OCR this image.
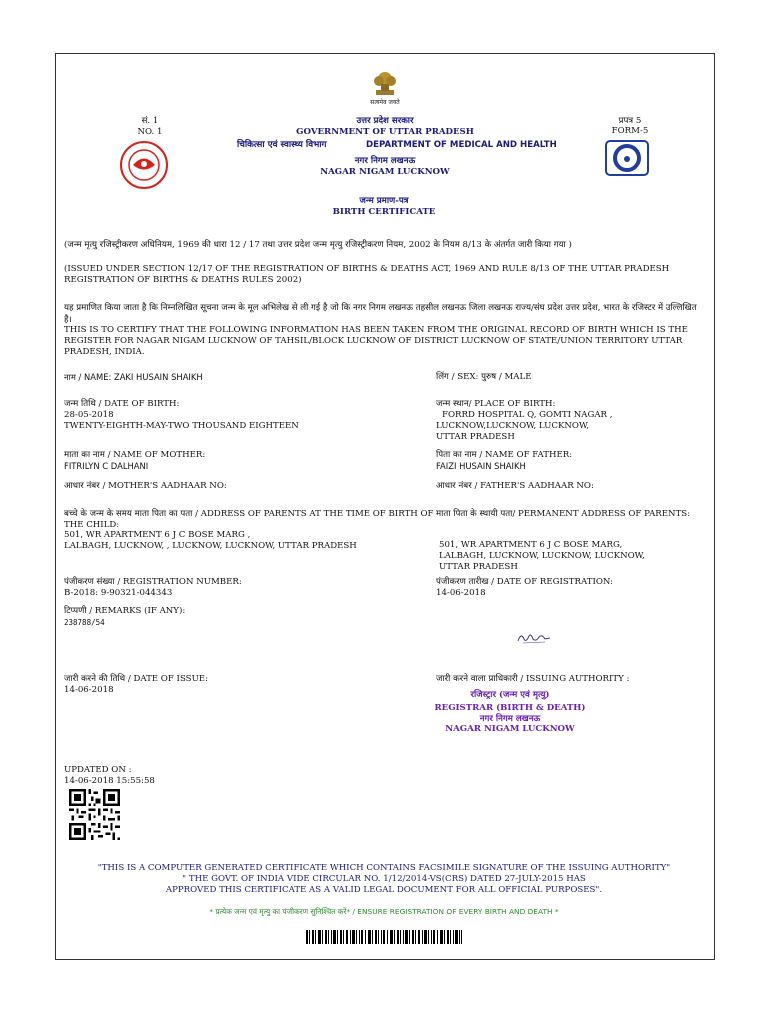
सत्यमेव जयते
सं. 1
NO. 1
उत्तर प्रदेश सरकार
GOVERNMENT OF UTTAR PRADESH
चिकित्सा एवं स्वास्थ्य विभाग	DEPARTMENT OF MEDICAL AND HEALTH
नगर निगम लखनऊ
NAGAR NIGAM LUCKNOW
प्रपत्र 5
FORM-5
जन्म प्रमाण-पत्र
BIRTH CERTIFICATE
(जन्म मृत्यु रजिस्ट्रीकरण अधिनियम, 1969 की धारा 12 / 17 तथा उत्तर प्रदेश जन्म मृत्यु रजिस्ट्रीकरण नियम, 2002 के नियम 8/13 के अंतर्गत जारी किया गया )
(ISSUED UNDER SECTION 12/17 OF THE REGISTRATION OF BIRTHS & DEATHS ACT, 1969 AND RULE 8/13 OF THE UTTAR PRADESH REGISTRATION OF BIRTHS & DEATHS RULES 2002)
यह प्रमाणित किया जाता है कि निम्नलिखित सूचना जन्म के मूल अभिलेख से ली गई है जो कि नगर निगम लखनऊ तहसील लखनऊ जिला लखनऊ राज्य/संघ प्रदेश उत्तर प्रदेश, भारत के रजिस्टर में उल्लिखित है।
THIS IS TO CERTIFY THAT THE FOLLOWING INFORMATION HAS BEEN TAKEN FROM THE ORIGINAL RECORD OF BIRTH WHICH IS THE REGISTER FOR NAGAR NIGAM LUCKNOW OF TAHSIL/BLOCK LUCKNOW OF DISTRICT LUCKNOW OF STATE/UNION TERRITORY UTTAR PRADESH, INDIA.
नाम / NAME: ZAKI HUSAIN SHAIKH
जन्म तिथि / DATE OF BIRTH:
28-05-2018
TWENTY-EIGHTH-MAY-TWO THOUSAND EIGHTEEN
माता का नाम / NAME OF MOTHER:
FITRILYN C DALHANI
आधार नंबर / MOTHER'S AADHAAR NO:
बच्चे के जन्म के समय माता पिता का पता / ADDRESS OF PARENTS AT THE TIME OF BIRTH OF THE CHILD:
501, WR APARTMENT 6 J C BOSE MARG ,
LALBAGH, LUCKNOW, , LUCKNOW, LUCKNOW, UTTAR PRADESH
पंजीकरण संख्या / REGISTRATION NUMBER:
B-2018: 9-90321-044343
टिप्पणी / REMARKS (IF ANY):
238788/54
जारी करने की तिथि / DATE OF ISSUE:
14-06-2018
UPDATED ON :
14-06-2018 15:55:58
लिंग / SEX: पुरुष / MALE
जन्म स्थान/ PLACE OF BIRTH:
FORRD HOSPITAL Q, GOMTI NAGAR ,
LUCKNOW,LUCKNOW, LUCKNOW,
UTTAR PRADESH
पिता का नाम / NAME OF FATHER:
FAIZI HUSAIN SHAIKH
आधार नंबर / FATHER'S AADHAAR NO:
माता पिता के स्थायी पता/ PERMANENT ADDRESS OF PARENTS:
501, WR APARTMENT 6 J C BOSE MARG,
LALBAGH, LUCKNOW, LUCKNOW, LUCKNOW,
UTTAR PRADESH
पंजीकरण तारीख / DATE OF REGISTRATION:
14-06-2018
जारी करने वाला प्राधिकारी / ISSUING AUTHORITY :
रजिस्ट्रार (जन्म एवं मृत्यु)
REGISTRAR (BIRTH & DEATH)
नगर निगम लखनऊ
NAGAR NIGAM LUCKNOW
"THIS IS A COMPUTER GENERATED CERTIFICATE WHICH CONTAINS FACSIMILE SIGNATURE OF THE ISSUING AUTHORITY"
" THE GOVT. OF INDIA VIDE CIRCULAR NO. 1/12/2014-VS(CRS) DATED 27-JULY-2015 HAS
APPROVED THIS CERTIFICATE AS A VALID LEGAL DOCUMENT FOR ALL OFFICIAL PURPOSES".
* प्रत्येक जन्म एवं मृत्यु का पंजीकरण सुनिश्चित करें* / ENSURE REGISTRATION OF EVERY BIRTH AND DEATH *
